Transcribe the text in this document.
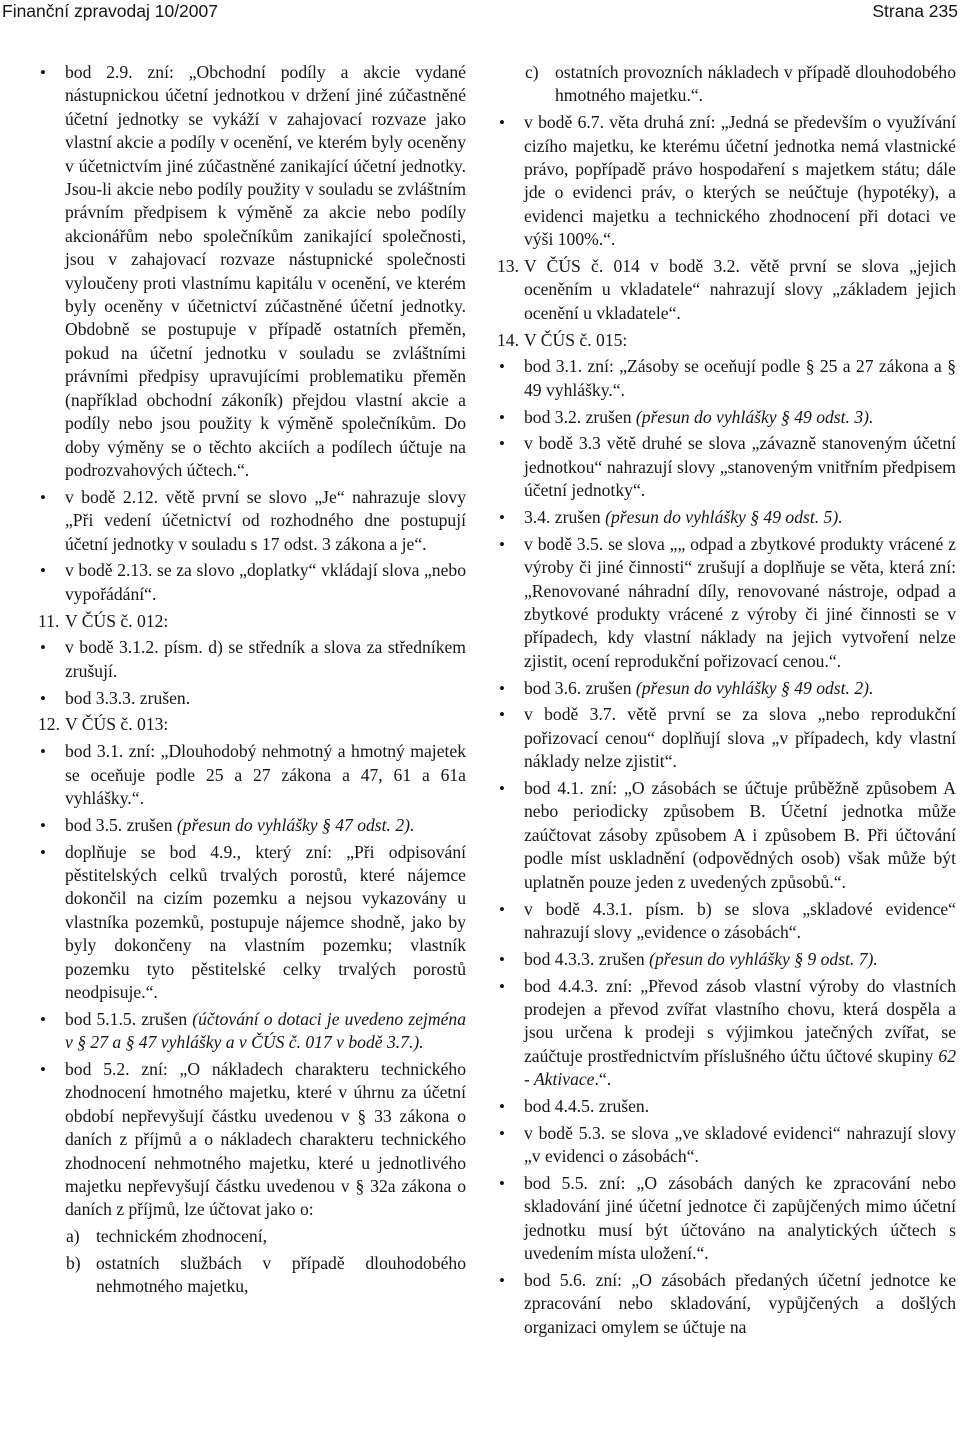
Finanční zpravodaj 10/2007	Strana 235
• bod 2.9. zní: „Obchodní podíly a akcie vydané nástupnickou účetní jednotkou v držení jiné zúčastněné účetní jednotky se vykáží v zahajovací rozvaze jako vlastní akcie a podíly v ocenění, ve kterém byly oceněny v účetnictvím jiné zúčastněné zanikající účetní jednotky. Jsou-li akcie nebo podíly použity v souladu se zvláštním právním předpisem k výměně za akcie nebo podíly akcionářům nebo společníkům zanikající společnosti, jsou v zahajovací rozvaze nástupnické společnosti vyloučeny proti vlastnímu kapitálu v ocenění, ve kterém byly oceněny v účetnictví zúčastněné účetní jednotky. Obdobně se postupuje v případě ostatních přeměn, pokud na účetní jednotku v souladu se zvláštními právními předpisy upravujícími problematiku přeměn (například obchodní zákoník) přejdou vlastní akcie a podíly nebo jsou použity k výměně společníkům. Do doby výměny se o těchto akciích a podílech účtuje na podrozvahových účtech.“.
• v bodě 2.12. větě první se slovo „Je“ nahrazuje slovy „Při vedení účetnictví od rozhodného dne postupují účetní jednotky v souladu s 17 odst. 3 zákona a je“.
• v bodě 2.13. se za slovo „doplatky“ vkládají slova „nebo vypořádání“.
11. V ČÚS č. 012:
• v bodě 3.1.2. písm. d) se středník a slova za středníkem zrušují.
• bod 3.3.3. zrušen.
12. V ČÚS č. 013:
• bod 3.1. zní: „Dlouhodobý nehmotný a hmotný majetek se oceňuje podle 25 a 27 zákona a 47, 61 a 61a vyhlášky.“.
• bod 3.5. zrušen (přesun do vyhlášky § 47 odst. 2).
• doplňuje se bod 4.9., který zní: „Při odpisování pěstitelských celků trvalých porostů, které nájemce dokončil na cizím pozemku a nejsou vykazovány u vlastníka pozemků, postupuje nájemce shodně, jako by byly dokončeny na vlastním pozemku; vlastník pozemku tyto pěstitelské celky trvalých porostů neodpisuje.“.
• bod 5.1.5. zrušen (účtování o dotaci je uvedeno zejména v § 27 a § 47 vyhlášky a v ČÚS č. 017 v bodě 3.7.).
• bod 5.2. zní: „O nákladech charakteru technického zhodnocení hmotného majetku, které v úhrnu za účetní období nepřevyšují částku uvedenou v § 33 zákona o daních z příjmů a o nákladech charakteru technického zhodnocení nehmotného majetku, které u jednotlivého majetku nepřevyšují částku uvedenou v § 32a zákona o daních z příjmů, lze účtovat jako o:
a) technickém zhodnocení,
b) ostatních službách v případě dlouhodobého nehmotného majetku,
c) ostatních provozních nákladech v případě dlouhodobého hmotného majetku.“.
• v bodě 6.7. věta druhá zní: „Jedná se především o využívání cizího majetku, ke kterému účetní jednotka nemá vlastnické právo, popřípadě právo hospodaření s majetkem státu; dále jde o evidenci práv, o kterých se neúčtuje (hypotéky), a evidenci majetku a technického zhodnocení při dotaci ve výši 100%.“.
13. V ČÚS č. 014 v bodě 3.2. větě první se slova „jejich oceněním u vkladatele“ nahrazují slovy „základem jejich ocenění u vkladatele“.
14. V ČÚS č. 015:
• bod 3.1. zní: „Zásoby se oceňují podle § 25 a 27 zákona a § 49 vyhlášky.“.
• bod 3.2. zrušen (přesun do vyhlášky § 49 odst. 3).
• v bodě 3.3 větě druhé se slova „závazně stanoveným účetní jednotkou“ nahrazují slovy „stanoveným vnitřním předpisem účetní jednotky“.
• 3.4. zrušen (přesun do vyhlášky § 49 odst. 5).
• v bodě 3.5. se slova „„ odpad a zbytkové produkty vrácené z výroby či jiné činnosti“ zrušují a doplňuje se věta, která zní: „Renovované náhradní díly, renovované nástroje, odpad a zbytkové produkty vrácené z výroby či jiné činnosti se v případech, kdy vlastní náklady na jejich vytvoření nelze zjistit, ocení reprodukční pořizovací cenou.“.
• bod 3.6. zrušen (přesun do vyhlášky § 49 odst. 2).
• v bodě 3.7. větě první se za slova „nebo reprodukční pořizovací cenou“ doplňují slova „v případech, kdy vlastní náklady nelze zjistit“.
• bod 4.1. zní: „O zásobách se účtuje průběžně způsobem A nebo periodicky způsobem B. Účetní jednotka může zaúčtovat zásoby způsobem A i způsobem B. Při účtování podle míst uskladnění (odpovědných osob) však může být uplatněn pouze jeden z uvedených způsobů.“.
• v bodě 4.3.1. písm. b) se slova „skladové evidence“ nahrazují slovy „evidence o zásobách“.
• bod 4.3.3. zrušen (přesun do vyhlášky § 9 odst. 7).
• bod 4.4.3. zní: „Převod zásob vlastní výroby do vlastních prodejen a převod zvířat vlastního chovu, která dospěla a jsou určena k prodeji s výjimkou jatečných zvířat, se zaúčtuje prostřednictvím příslušného účtu účtové skupiny 62 - Aktivace.“.
• bod 4.4.5. zrušen.
• v bodě 5.3. se slova „ve skladové evidenci“ nahrazují slovy „v evidenci o zásobách“.
• bod 5.5. zní: „O zásobách daných ke zpracování nebo skladování jiné účetní jednotce či zapůjčených mimo účetní jednotku musí být účtováno na analytických účtech s uvedením místa uložení.“.
• bod 5.6. zní: „O zásobách předaných účetní jednotce ke zpracování nebo skladování, vypůjčených a došlých organizaci omylem se účtuje na
